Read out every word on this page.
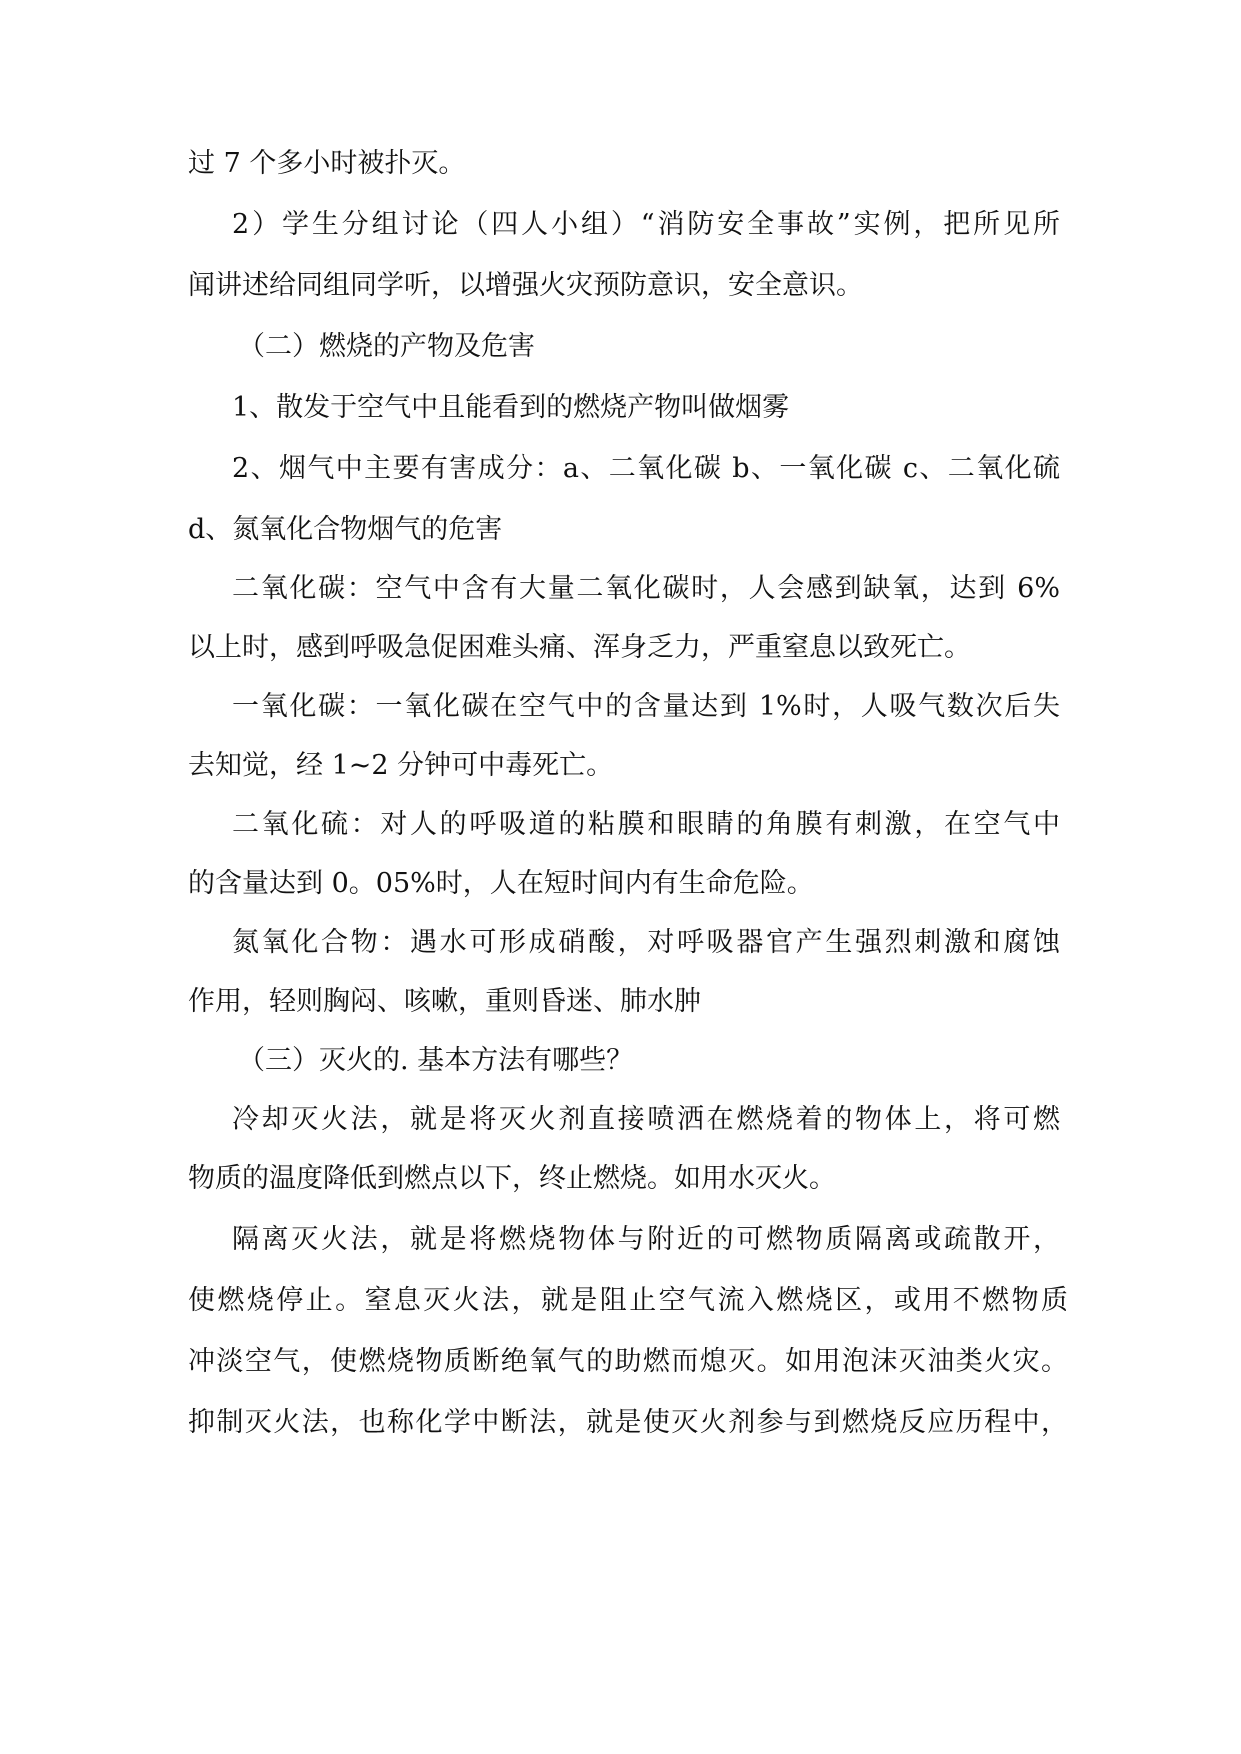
过 7 个多小时被扑灭。
2）学生分组讨论（四人小组）“消防安全事故”实例，把所见所
闻讲述给同组同学听，以增强火灾预防意识，安全意识。
（二）燃烧的产物及危害
1、散发于空气中且能看到的燃烧产物叫做烟雾
2、烟气中主要有害成分：a、二氧化碳 b、一氧化碳 c、二氧化硫
d、氮氧化合物烟气的危害
二氧化碳：空气中含有大量二氧化碳时，人会感到缺氧，达到 6%
以上时，感到呼吸急促困难头痛、浑身乏力，严重窒息以致死亡。
一氧化碳：一氧化碳在空气中的含量达到 1%时，人吸气数次后失
去知觉，经 1~2 分钟可中毒死亡。
二氧化硫：对人的呼吸道的粘膜和眼睛的角膜有刺激，在空气中
的含量达到 0。05%时，人在短时间内有生命危险。
氮氧化合物：遇水可形成硝酸，对呼吸器官产生强烈刺激和腐蚀
作用，轻则胸闷、咳嗽，重则昏迷、肺水肿
（三）灭火的. 基本方法有哪些？
冷却灭火法，就是将灭火剂直接喷洒在燃烧着的物体上，将可燃
物质的温度降低到燃点以下，终止燃烧。如用水灭火。
隔离灭火法，就是将燃烧物体与附近的可燃物质隔离或疏散开，
使燃烧停止。窒息灭火法，就是阻止空气流入燃烧区，或用不燃物质
冲淡空气，使燃烧物质断绝氧气的助燃而熄灭。如用泡沫灭油类火灾。
抑制灭火法，也称化学中断法，就是使灭火剂参与到燃烧反应历程中，
